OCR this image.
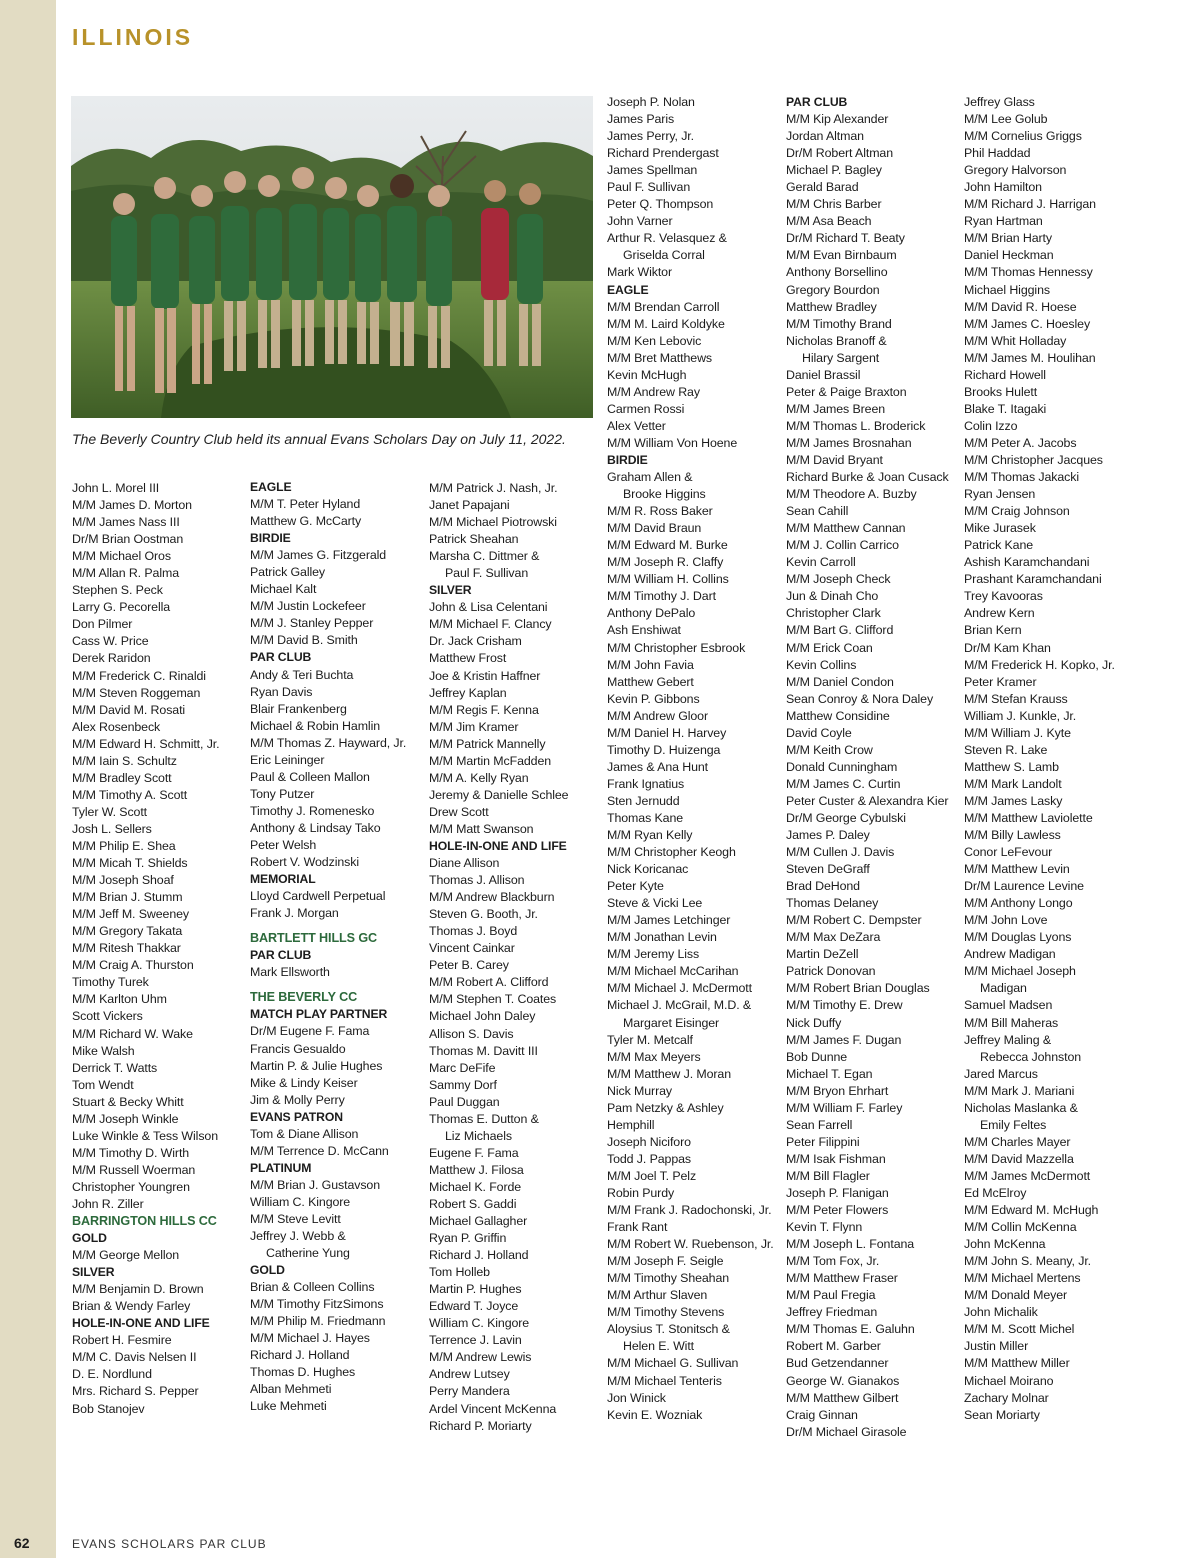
ILLINOIS
The Beverly Country Club held its annual Evans Scholars Day on July 11, 2022.
John L. Morel III
M/M James D. Morton
M/M James Nass III
Dr/M Brian Oostman
M/M Michael Oros
M/M Allan R. Palma
Stephen S. Peck
Larry G. Pecorella
Don Pilmer
Cass W. Price
Derek Raridon
M/M Frederick C. Rinaldi
M/M Steven Roggeman
M/M David M. Rosati
Alex Rosenbeck
M/M Edward H. Schmitt, Jr.
M/M Iain S. Schultz
M/M Bradley Scott
M/M Timothy A. Scott
Tyler W. Scott
Josh L. Sellers
M/M Philip E. Shea
M/M Micah T. Shields
M/M Joseph Shoaf
M/M Brian J. Stumm
M/M Jeff M. Sweeney
M/M Gregory Takata
M/M Ritesh Thakkar
M/M Craig A. Thurston
Timothy Turek
M/M Karlton Uhm
Scott Vickers
M/M Richard W. Wake
Mike Walsh
Derrick T. Watts
Tom Wendt
Stuart & Becky Whitt
M/M Joseph Winkle
Luke Winkle & Tess Wilson
M/M Timothy D. Wirth
M/M Russell Woerman
Christopher Youngren
John R. Ziller
BARRINGTON HILLS CC
GOLD
M/M George Mellon
SILVER
M/M Benjamin D. Brown
Brian & Wendy Farley
HOLE-IN-ONE AND LIFE
Robert H. Fesmire
M/M C. Davis Nelsen II
D. E. Nordlund
Mrs. Richard S. Pepper
Bob Stanojev
EAGLE
M/M T. Peter Hyland
Matthew G. McCarty
BIRDIE
M/M James G. Fitzgerald
Patrick Galley
Michael Kalt
M/M Justin Lockefeer
M/M J. Stanley Pepper
M/M David B. Smith
PAR CLUB
Andy & Teri Buchta
Ryan Davis
Blair Frankenberg
Michael & Robin Hamlin
M/M Thomas Z. Hayward, Jr.
Eric Leininger
Paul & Colleen Mallon
Tony Putzer
Timothy J. Romenesko
Anthony & Lindsay Tako
Peter Welsh
Robert V. Wodzinski
MEMORIAL
Lloyd Cardwell Perpetual
Frank J. Morgan
BARTLETT HILLS GC
PAR CLUB
Mark Ellsworth
THE BEVERLY CC
MATCH PLAY PARTNER
Dr/M Eugene F. Fama
Francis Gesualdo
Martin P. & Julie Hughes
Mike & Lindy Keiser
Jim & Molly Perry
EVANS PATRON
Tom & Diane Allison
M/M Terrence D. McCann
PLATINUM
M/M Brian J. Gustavson
William C. Kingore
M/M Steve Levitt
Jeffrey J. Webb &
Catherine Yung
GOLD
Brian & Colleen Collins
M/M Timothy FitzSimons
M/M Philip M. Friedmann
M/M Michael J. Hayes
Richard J. Holland
Thomas D. Hughes
Alban Mehmeti
Luke Mehmeti
M/M Patrick J. Nash, Jr.
Janet Papajani
M/M Michael Piotrowski
Patrick Sheahan
Marsha C. Dittmer &
Paul F. Sullivan
SILVER
John & Lisa Celentani
M/M Michael F. Clancy
Dr. Jack Crisham
Matthew Frost
Joe & Kristin Haffner
Jeffrey Kaplan
M/M Regis F. Kenna
M/M Jim Kramer
M/M Patrick Mannelly
M/M Martin McFadden
M/M A. Kelly Ryan
Jeremy & Danielle Schlee
Drew Scott
M/M Matt Swanson
HOLE-IN-ONE AND LIFE
Diane Allison
Thomas J. Allison
M/M Andrew Blackburn
Steven G. Booth, Jr.
Thomas J. Boyd
Vincent Cainkar
Peter B. Carey
M/M Robert A. Clifford
M/M Stephen T. Coates
Michael John Daley
Allison S. Davis
Thomas M. Davitt III
Marc DeFife
Sammy Dorf
Paul Duggan
Thomas E. Dutton &
Liz Michaels
Eugene F. Fama
Matthew J. Filosa
Michael K. Forde
Robert S. Gaddi
Michael Gallagher
Ryan P. Griffin
Richard J. Holland
Tom Holleb
Martin P. Hughes
Edward T. Joyce
William C. Kingore
Terrence J. Lavin
M/M Andrew Lewis
Andrew Lutsey
Perry Mandera
Ardel Vincent McKenna
Richard P. Moriarty
Joseph P. Nolan
James Paris
James Perry, Jr.
Richard Prendergast
James Spellman
Paul F. Sullivan
Peter Q. Thompson
John Varner
Arthur R. Velasquez &
Griselda Corral
Mark Wiktor
EAGLE
M/M Brendan Carroll
M/M M. Laird Koldyke
M/M Ken Lebovic
M/M Bret Matthews
Kevin McHugh
M/M Andrew Ray
Carmen Rossi
Alex Vetter
M/M William Von Hoene
BIRDIE
Graham Allen &
Brooke Higgins
M/M R. Ross Baker
M/M David Braun
M/M Edward M. Burke
M/M Joseph R. Claffy
M/M William H. Collins
M/M Timothy J. Dart
Anthony DePalo
Ash Enshiwat
M/M Christopher Esbrook
M/M John Favia
Matthew Gebert
Kevin P. Gibbons
M/M Andrew Gloor
M/M Daniel H. Harvey
Timothy D. Huizenga
James & Ana Hunt
Frank Ignatius
Sten Jernudd
Thomas Kane
M/M Ryan Kelly
M/M Christopher Keogh
Nick Koricanac
Peter Kyte
Steve & Vicki Lee
M/M James Letchinger
M/M Jonathan Levin
M/M Jeremy Liss
M/M Michael McCarihan
M/M Michael J. McDermott
Michael J. McGrail, M.D. &
Margaret Eisinger
Tyler M. Metcalf
M/M Max Meyers
M/M Matthew J. Moran
Nick Murray
Pam Netzky & Ashley
Hemphill
Joseph Niciforo
Todd J. Pappas
M/M Joel T. Pelz
Robin Purdy
M/M Frank J. Radochonski, Jr.
Frank Rant
M/M Robert W. Ruebenson, Jr.
M/M Joseph F. Seigle
M/M Timothy Sheahan
M/M Arthur Slaven
M/M Timothy Stevens
Aloysius T. Stonitsch &
Helen E. Witt
M/M Michael G. Sullivan
M/M Michael Tenteris
Jon Winick
Kevin E. Wozniak
PAR CLUB
M/M Kip Alexander
Jordan Altman
Dr/M Robert Altman
Michael P. Bagley
Gerald Barad
M/M Chris Barber
M/M Asa Beach
Dr/M Richard T. Beaty
M/M Evan Birnbaum
Anthony Borsellino
Gregory Bourdon
Matthew Bradley
M/M Timothy Brand
Nicholas Branoff &
Hilary Sargent
Daniel Brassil
Peter & Paige Braxton
M/M James Breen
M/M Thomas L. Broderick
M/M James Brosnahan
M/M David Bryant
Richard Burke & Joan Cusack
M/M Theodore A. Buzby
Sean Cahill
M/M Matthew Cannan
M/M J. Collin Carrico
Kevin Carroll
M/M Joseph Check
Jun & Dinah Cho
Christopher Clark
M/M Bart G. Clifford
M/M Erick Coan
Kevin Collins
M/M Daniel Condon
Sean Conroy & Nora Daley
Matthew Considine
David Coyle
M/M Keith Crow
Donald Cunningham
M/M James C. Curtin
Peter Custer & Alexandra Kier
Dr/M George Cybulski
James P. Daley
M/M Cullen J. Davis
Steven DeGraff
Brad DeHond
Thomas Delaney
M/M Robert C. Dempster
M/M Max DeZara
Martin DeZell
Patrick Donovan
M/M Robert Brian Douglas
M/M Timothy E. Drew
Nick Duffy
M/M James F. Dugan
Bob Dunne
Michael T. Egan
M/M Bryon Ehrhart
M/M William F. Farley
Sean Farrell
Peter Filippini
M/M Isak Fishman
M/M Bill Flagler
Joseph P. Flanigan
M/M Peter Flowers
Kevin T. Flynn
M/M Joseph L. Fontana
M/M Tom Fox, Jr.
M/M Matthew Fraser
M/M Paul Fregia
Jeffrey Friedman
M/M Thomas E. Galuhn
Robert M. Garber
Bud Getzendanner
George W. Gianakos
M/M Matthew Gilbert
Craig Ginnan
Dr/M Michael Girasole
Jeffrey Glass
M/M Lee Golub
M/M Cornelius Griggs
Phil Haddad
Gregory Halvorson
John Hamilton
M/M Richard J. Harrigan
Ryan Hartman
M/M Brian Harty
Daniel Heckman
M/M Thomas Hennessy
Michael Higgins
M/M David R. Hoese
M/M James C. Hoesley
M/M Whit Holladay
M/M James M. Houlihan
Richard Howell
Brooks Hulett
Blake T. Itagaki
Colin Izzo
M/M Peter A. Jacobs
M/M Christopher Jacques
M/M Thomas Jakacki
Ryan Jensen
M/M Craig Johnson
Mike Jurasek
Patrick Kane
Ashish Karamchandani
Prashant Karamchandani
Trey Kavooras
Andrew Kern
Brian Kern
Dr/M Kam Khan
M/M Frederick H. Kopko, Jr.
Peter Kramer
M/M Stefan Krauss
William J. Kunkle, Jr.
M/M William J. Kyte
Steven R. Lake
Matthew S. Lamb
M/M Mark Landolt
M/M James Lasky
M/M Matthew Laviolette
M/M Billy Lawless
Conor LeFevour
M/M Matthew Levin
Dr/M Laurence Levine
M/M Anthony Longo
M/M John Love
M/M Douglas Lyons
Andrew Madigan
M/M Michael Joseph
Madigan
Samuel Madsen
M/M Bill Maheras
Jeffrey Maling &
Rebecca Johnston
Jared Marcus
M/M Mark J. Mariani
Nicholas Maslanka &
Emily Feltes
M/M Charles Mayer
M/M David Mazzella
M/M James McDermott
Ed McElroy
M/M Edward M. McHugh
M/M Collin McKenna
John McKenna
M/M John S. Meany, Jr.
M/M Michael Mertens
M/M Donald Meyer
John Michalik
M/M M. Scott Michel
Justin Miller
M/M Matthew Miller
Michael Moirano
Zachary Molnar
Sean Moriarty
62	EVANS SCHOLARS PAR CLUB
